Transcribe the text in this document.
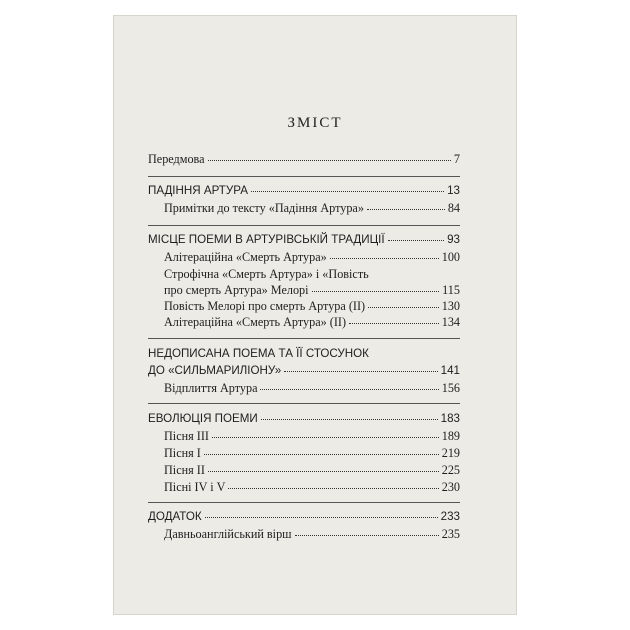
ЗМІСТ
Передмова	7
ПАДІННЯ АРТУРА	13
Примітки до тексту «Падіння Артура»	84
МІСЦЕ ПОЕМИ В АРТУРІВСЬКІЙ ТРАДИЦІЇ	93
Алітераційна «Смерть Артура»	100
Строфічна «Смерть Артура» і «Повість
про смерть Артура» Мелорі	115
Повість Мелорі про смерть Артура (II)	130
Алітераційна «Смерть Артура» (II)	134
НЕДОПИСАНА ПОЕМА ТА ЇЇ СТОСУНОК
ДО «СИЛЬМАРИЛІОНУ»	141
Відплиття Артура	156
ЕВОЛЮЦІЯ ПОЕМИ	183
Пісня III	189
Пісня I	219
Пісня II	225
Пісні IV і V	230
ДОДАТОК	233
Давньоанглійський вірш	235
